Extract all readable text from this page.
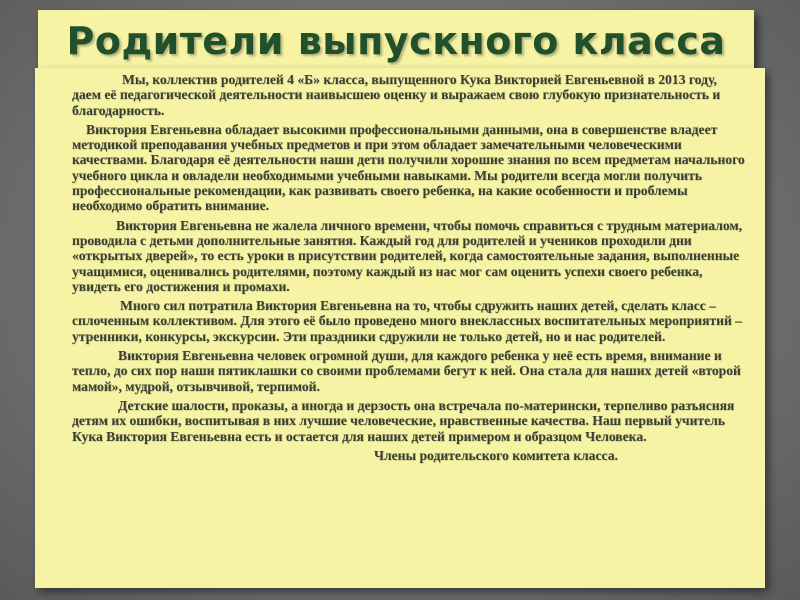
Родители выпускного класса

Мы, коллектив родителей 4 «Б» класса, выпущенного Кука Викторией Евгеньевной в 2013 году, даем её педагогической деятельности наивысшею оценку и выражаем свою глубокую признательность и благодарность.

Виктория Евгеньевна обладает высокими профессиональными данными, она в совершенстве владеет методикой преподавания учебных предметов и при этом обладает замечательными человеческими качествами. Благодаря её деятельности наши дети получили хорошие знания по всем предметам начального учебного цикла и овладели необходимыми учебными навыками. Мы родители всегда могли получить профессиональные рекомендации, как развивать своего ребенка, на какие особенности и проблемы необходимо обратить внимание.

Виктория Евгеньевна не жалела личного времени, чтобы помочь справиться с трудным материалом, проводила с детьми дополнительные занятия. Каждый год для родителей и учеников проходили дни «открытых дверей», то есть уроки в присутствии родителей, когда самостоятельные задания, выполненные учащимися, оценивались родителями, поэтому каждый из нас мог сам оценить успехи своего ребенка, увидеть его достижения и промахи.

Много сил потратила Виктория Евгеньевна на то, чтобы сдружить наших детей, сделать класс – сплоченным коллективом. Для этого её было проведено много внеклассных воспитательных мероприятий – утренники, конкурсы, экскурсии. Эти праздники сдружили не только детей, но и нас родителей.

Виктория Евгеньевна человек огромной души, для каждого ребенка у неё есть время, внимание и тепло, до сих пор наши пятиклашки со своими проблемами бегут к ней. Она стала для наших детей «второй мамой», мудрой, отзывчивой, терпимой.

Детские шалости, проказы, а иногда и дерзость она встречала по-матерински, терпеливо разъясняя детям их ошибки, воспитывая в них лучшие человеческие, нравственные качества. Наш первый учитель Кука Виктория Евгеньевна есть и остается для наших детей примером и образцом Человека.

Члены родительского комитета класса.
